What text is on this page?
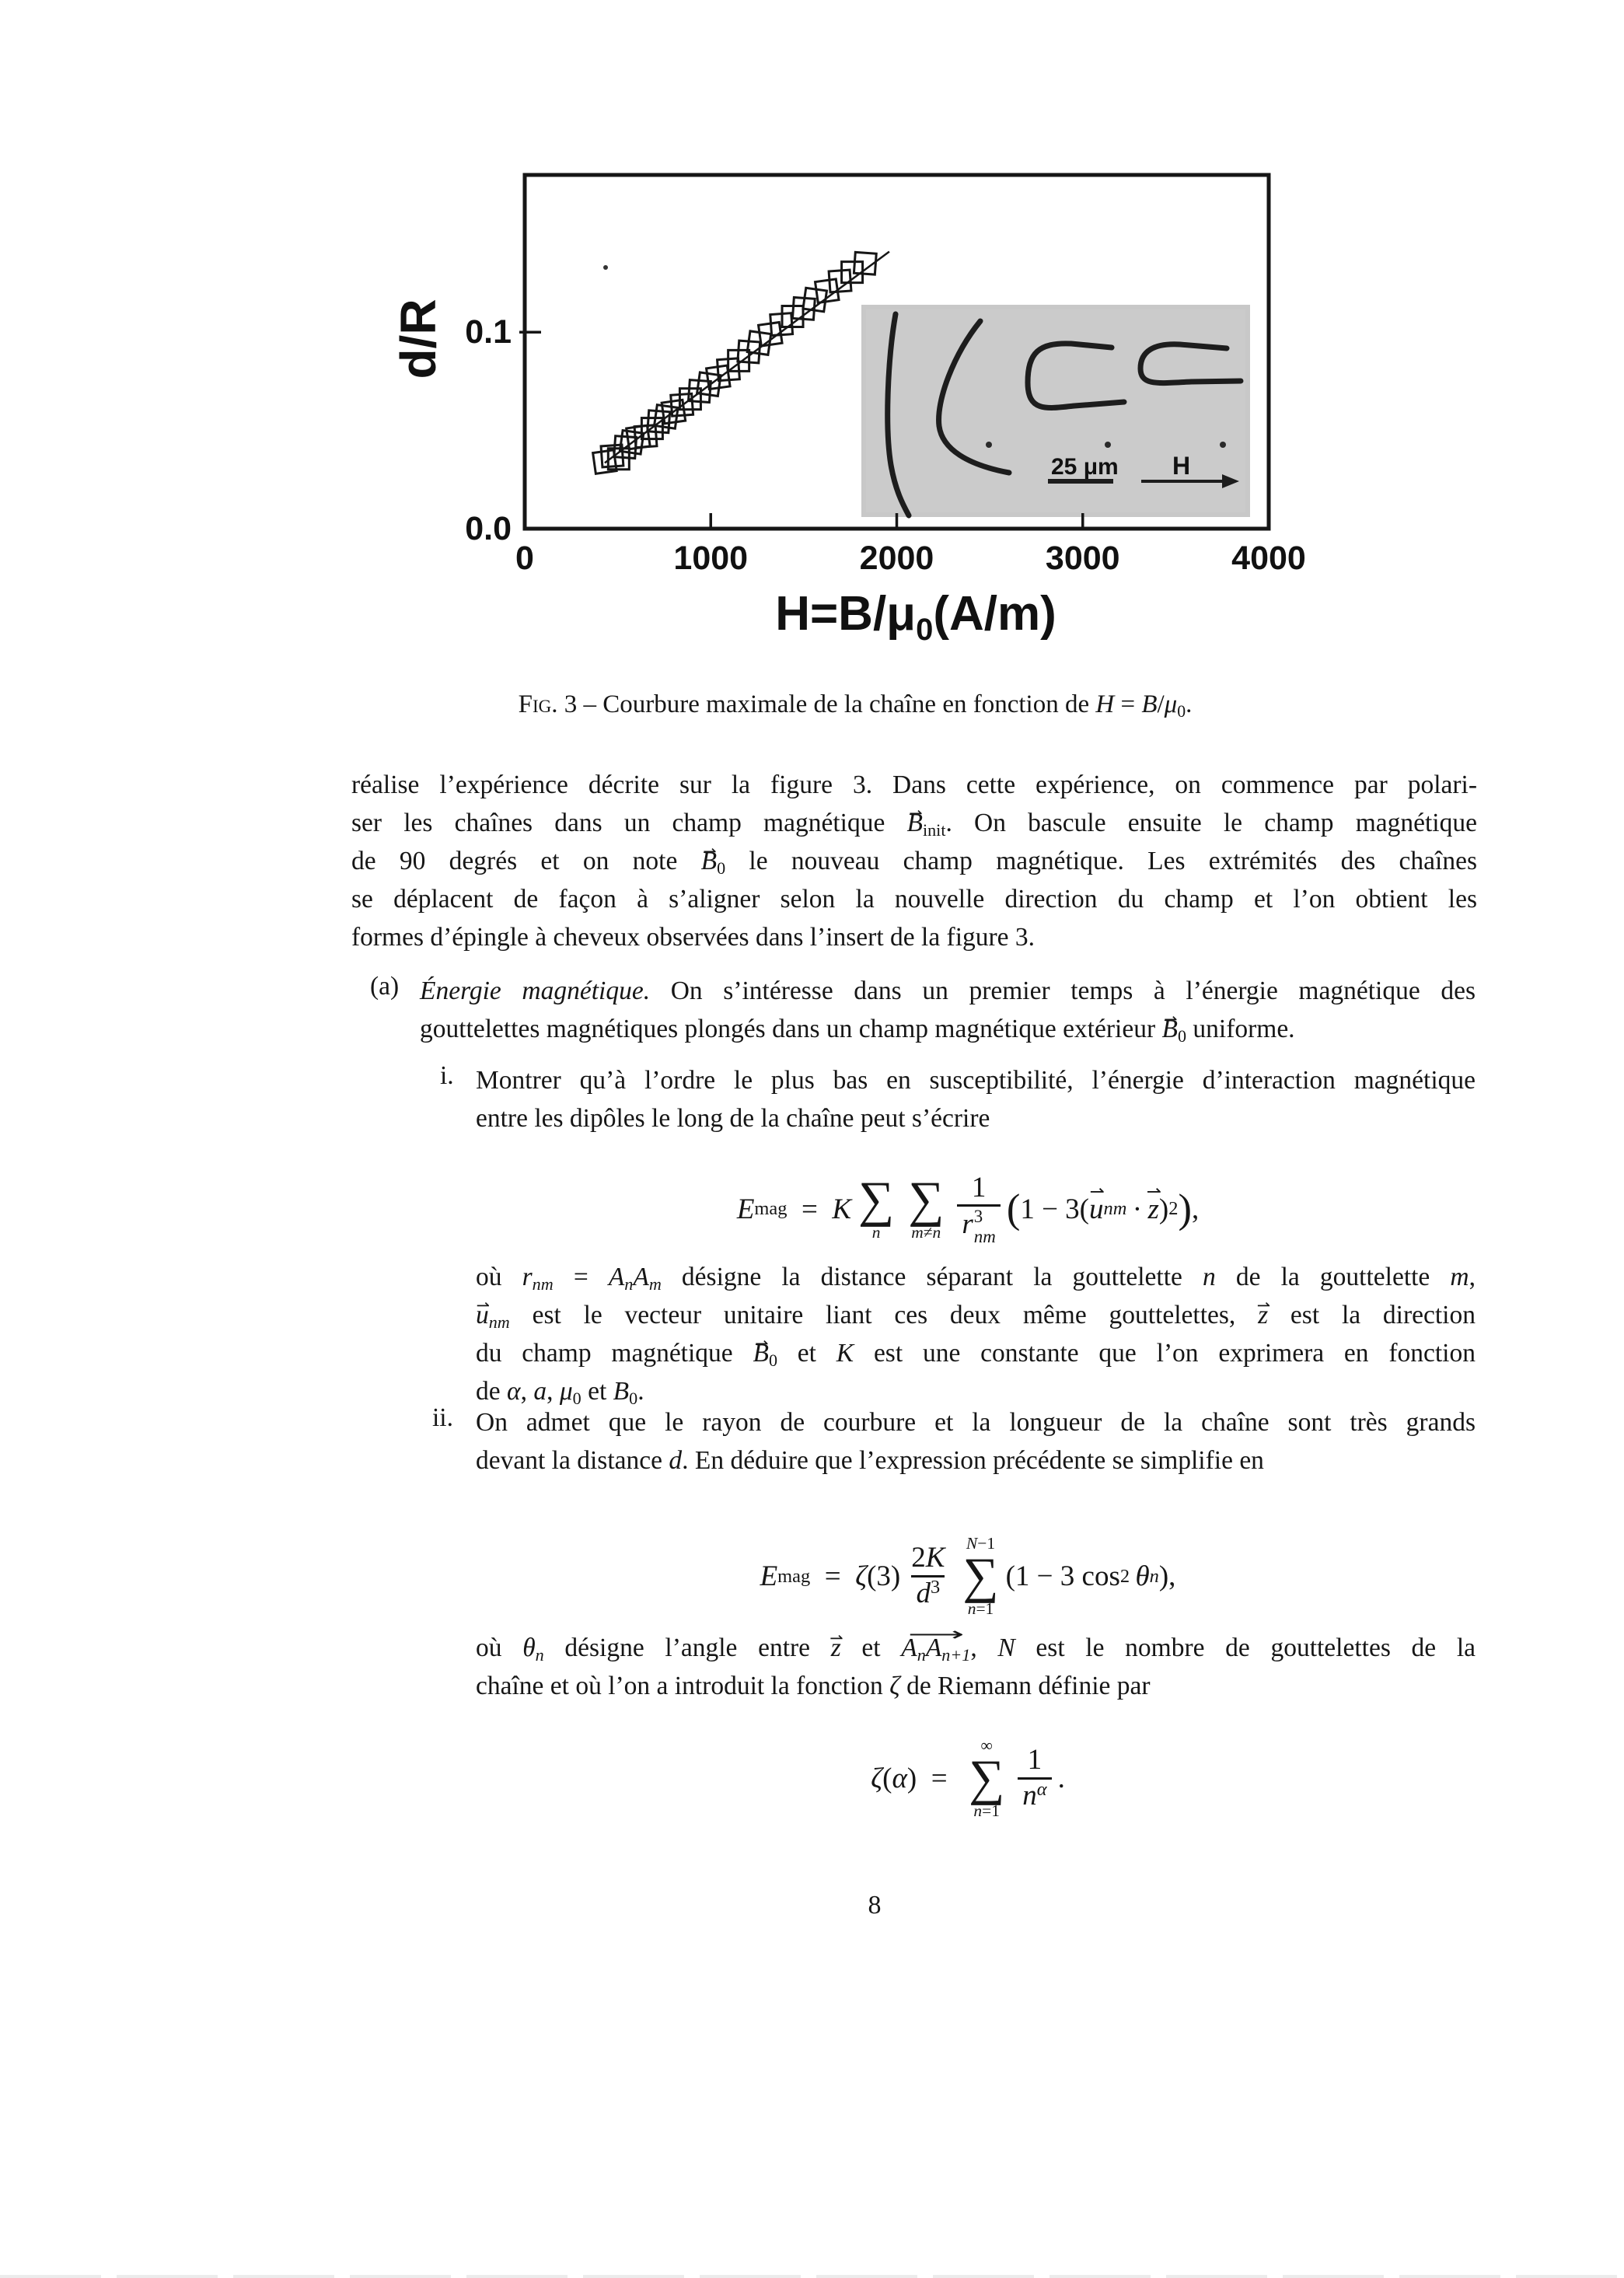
25 μm H
0	1000	2000	3000	4000
0.0
0.1
d/R
$H=B/\mu_0(A/m)$
Fig. 3 – Courbure maximale de la chaîne en fonction de $H = B/\mu_0$.
réalise l’expérience décrite sur la figure 3. Dans cette expérience, on commence par polari-
ser les chaînes dans un champ magnétique ⇀ $B_{init}$. On bascule ensuite le champ magnétique
de 90 degrés et on note ⇀ $B_0$ le nouveau champ magnétique. Les extrémités des chaînes
se déplacent de façon à s’aligner selon la nouvelle direction du champ et l’on obtient les
formes d’épingle à cheveux observées dans l’insert de la figure 3.
(a) Énergie magnétique. On s’intéresse dans un premier temps à l’énergie magnétique des
gouttelettes magnétiques plongés dans un champ magnétique extérieur ⇀ $B_0$ uniforme.
i. Montrer qu’à l’ordre le plus bas en susceptibilité, l’énergie d’interaction magnétique
entre les dipôles le long de la chaîne peut s’écrire
E mag = K ∑
n
∑
m≠n 1
r 3
nm ( 1 − 3( ⇀ u nm  ·  ⇀ z ) 2 ) ,​
où $r_{nm} = A_nA_m$ désigne la distance séparant la gouttelette n de la gouttelette m,
⇀ $u_{nm}$ est le vecteur unitaire liant ces deux même gouttelettes, ⇀ z est la direction
du champ magnétique ⇀ $B_0$ et K est une constante que l’on exprimera en fonction
de α, a, $\mu_0$ et $B_0$.
ii. On admet que le rayon de courbure et la longueur de la chaîne sont très grands
devant la distance d. En déduire que l’expression précédente se simplifie en
E mag = ζ $(3) \frac{2K}{d^3} N-1$
∑
n=1
(1 − 3 cos 2
  θ n ),
où $\theta_n$ désigne l’angle entre ⇀ z et ⟶ $A_nA_{n+1}$, N est le nombre de gouttelettes de la
chaîne et où l’on a introduit la fonction ζ de Riemann définie par
ζ ( α )  =
∞
∑
$n=1 \frac{1}{n^\alpha}$ .
8
